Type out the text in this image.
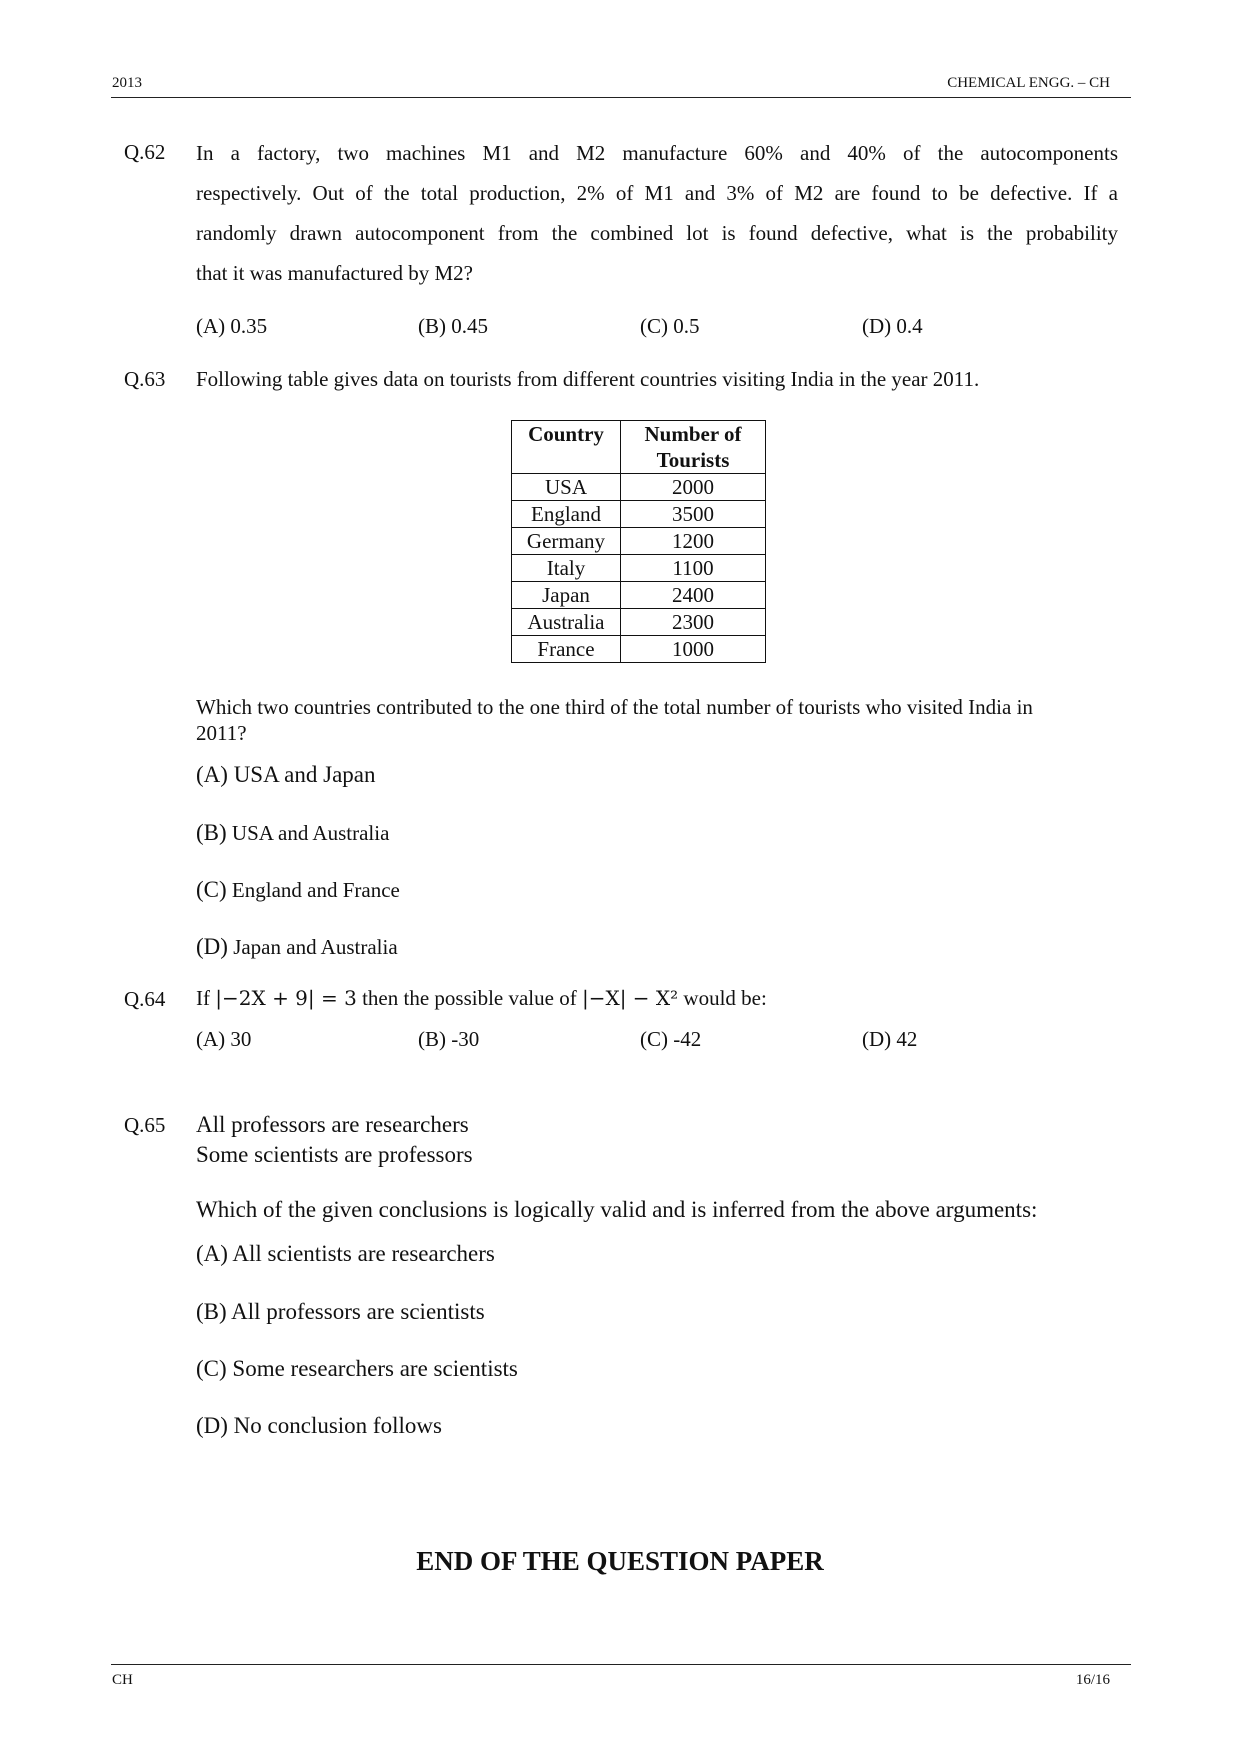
2013	CHEMICAL ENGG. – CH
Q.62 In a factory, two machines M1 and M2 manufacture 60% and 40% of the autocomponents
respectively. Out of the total production, 2% of M1 and 3% of M2 are found to be defective. If a
randomly drawn autocomponent from the combined lot is found defective, what is the probability
that it was manufactured by M2?
(A) 0.35	(B) 0.45	(C) 0.5	(D) 0.4
Q.63 Following table gives data on tourists from different countries visiting India in the year 2011.
Country	Number of Tourists
USA	2000
England	3500
Germany	1200
Italy	1100
Japan	2400
Australia	2300
France	1000
Which two countries contributed to the one third of the total number of tourists who visited India in
2011?
(A) USA and Japan
(B) USA and Australia
(C) England and France
(D) Japan and Australia
Q.64 If |−2X + 9| = 3 then the possible value of |−X| − X² would be:
(A) 30	(B) -30	(C) -42	(D) 42
Q.65 All professors are researchers
Some scientists are professors
Which of the given conclusions is logically valid and is inferred from the above arguments:
(A) All scientists are researchers
(B) All professors are scientists
(C) Some researchers are scientists
(D) No conclusion follows
END OF THE QUESTION PAPER
CH	16/16
